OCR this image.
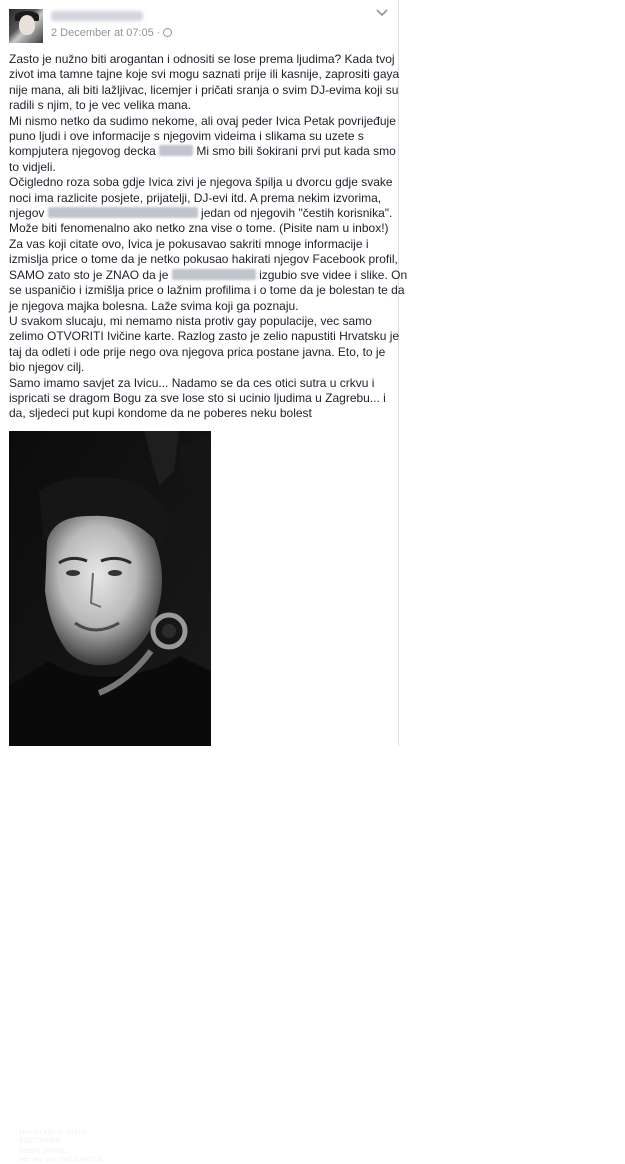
2 December at 07:05 ·

Zasto je nužno biti arogantan i odnositi se lose prema ljudima? Kada tvoj

zivot ima tamne tajne koje svi mogu saznati prije ili kasnije, zaprositi gaya

nije mana, ali biti lažljivac, licemjer i pričati sranja o svim DJ-evima koji su

radili s njim, to je vec velika mana.

Mi nismo netko da sudimo nekome, ali ovaj peder Ivica Petak povrijeđuje

puno ljudi i ove informacije s njegovim videima i slikama su uzete s

kompjutera njegovog decka	Mi smo bili šokirani prvi put kada smo

to vidjeli.

Očigledno roza soba gdje Ivica zivi je njegova špilja u dvorcu gdje svake

noci ima razlicite posjete, prijatelji, DJ-evi itd. A prema nekim izvorima,

njegov	jedan od njegovih "čestih korisnika".

Može biti fenomenalno ako netko zna vise o tome. (Pisite nam u inbox!)

Za vas koji citate ovo, Ivica je pokusavao sakriti mnoge informacije i

izmislja price o tome da je netko pokusao hakirati njegov Facebook profil,

SAMO zato sto je ZNAO da je	izgubio sve videe i slike. On

se uspaničio i izmišlja price o lažnim profilima i o tome da je bolestan te da

je njegova majka bolesna. Laže svima koji ga poznaju.

U svakom slucaju, mi nemamo nista protiv gay populacije, vec samo

zelimo OTVORITI Ivičine karte. Razlog zasto je zelio napustiti Hrvatsku je

taj da odleti i ode prije nego ova njegova prica postane javna. Eto, to je

bio njegov cilj.

Samo imamo savjet za Ivicu... Nadamo se da ces otici sutra u crkvu i

ispricati se dragom Bogu za sve lose sto si ucinio ljudima u Zagrebu... i

da, sljedeci put kupi kondome da ne poberes neku bolest

Hasan Fikret Oršuš
EGOTRIPER
Matko Jelavic
etc etc etc IVICA PETAK
